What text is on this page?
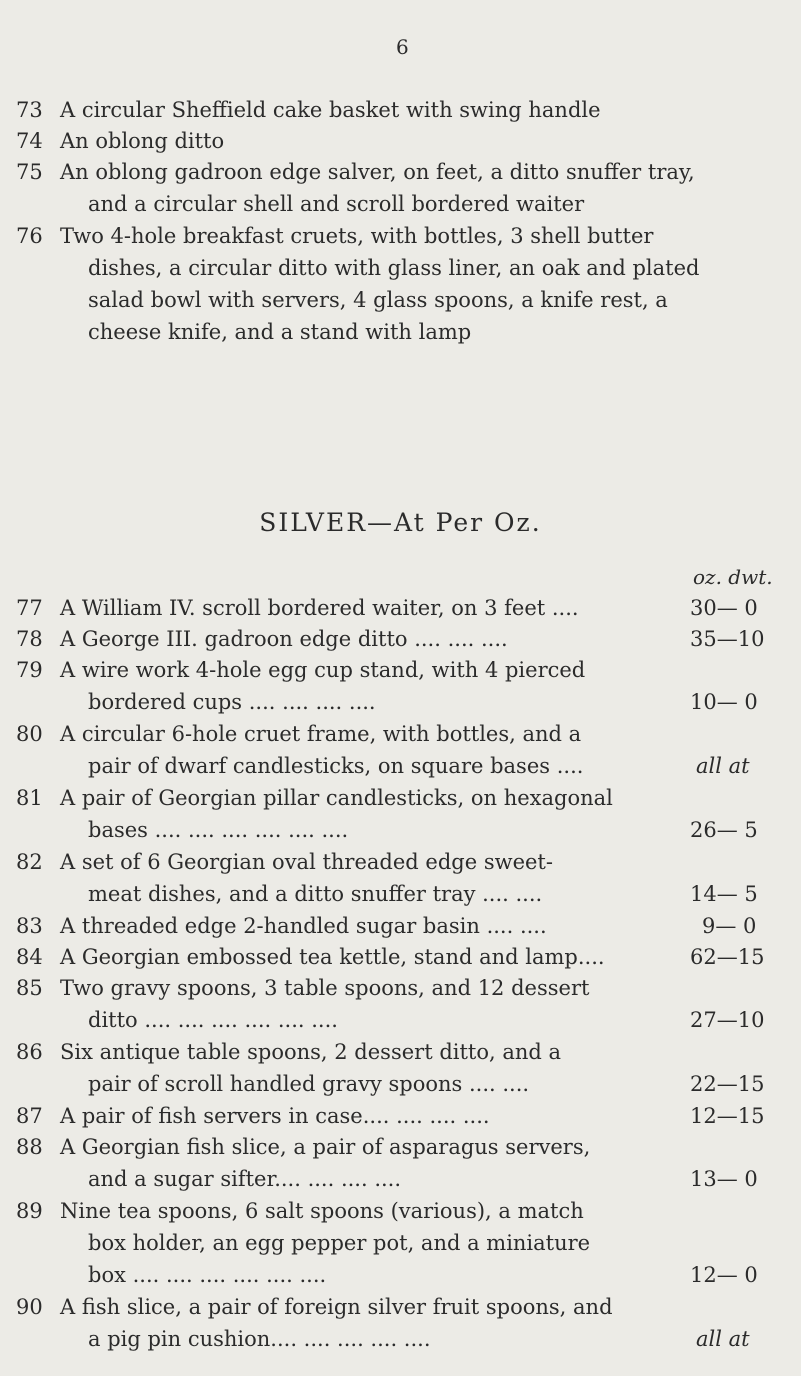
6
73 A circular Sheffield cake basket with swing handle
74 An oblong ditto
75 An oblong gadroon edge salver, on feet, a ditto snuffer tray,
and a circular shell and scroll bordered waiter
76 Two 4-hole breakfast cruets, with bottles, 3 shell butter
dishes, a circular ditto with glass liner, an oak and plated
salad bowl with servers, 4 glass spoons, a knife rest, a
cheese knife, and a stand with lamp
SILVER—At Per Oz.
oz. dwt.
77 A William IV. scroll bordered waiter, on 3 feet ....	30— 0
78 A George III. gadroon edge ditto .... .... ....	35—10
79 A wire work 4-hole egg cup stand, with 4 pierced
bordered cups .... .... .... ....	10— 0
80 A circular 6-hole cruet frame, with bottles, and a
pair of dwarf candlesticks, on square bases ....	all at
81 A pair of Georgian pillar candlesticks, on hexagonal
bases .... .... .... .... .... ....	26— 5
82 A set of 6 Georgian oval threaded edge sweet-
meat dishes, and a ditto snuffer tray .... ....	14— 5
83 A threaded edge 2-handled sugar basin .... ....	9— 0
84 A Georgian embossed tea kettle, stand and lamp....	62—15
85 Two gravy spoons, 3 table spoons, and 12 dessert
ditto .... .... .... .... .... ....	27—10
86 Six antique table spoons, 2 dessert ditto, and a
pair of scroll handled gravy spoons .... ....	22—15
87 A pair of fish servers in case.... .... .... ....	12—15
88 A Georgian fish slice, a pair of asparagus servers,
and a sugar sifter.... .... .... ....	13— 0
89 Nine tea spoons, 6 salt spoons (various), a match
box holder, an egg pepper pot, and a miniature
box .... .... .... .... .... ....	12— 0
90 A fish slice, a pair of foreign silver fruit spoons, and
a pig pin cushion.... .... .... .... ....	all at
